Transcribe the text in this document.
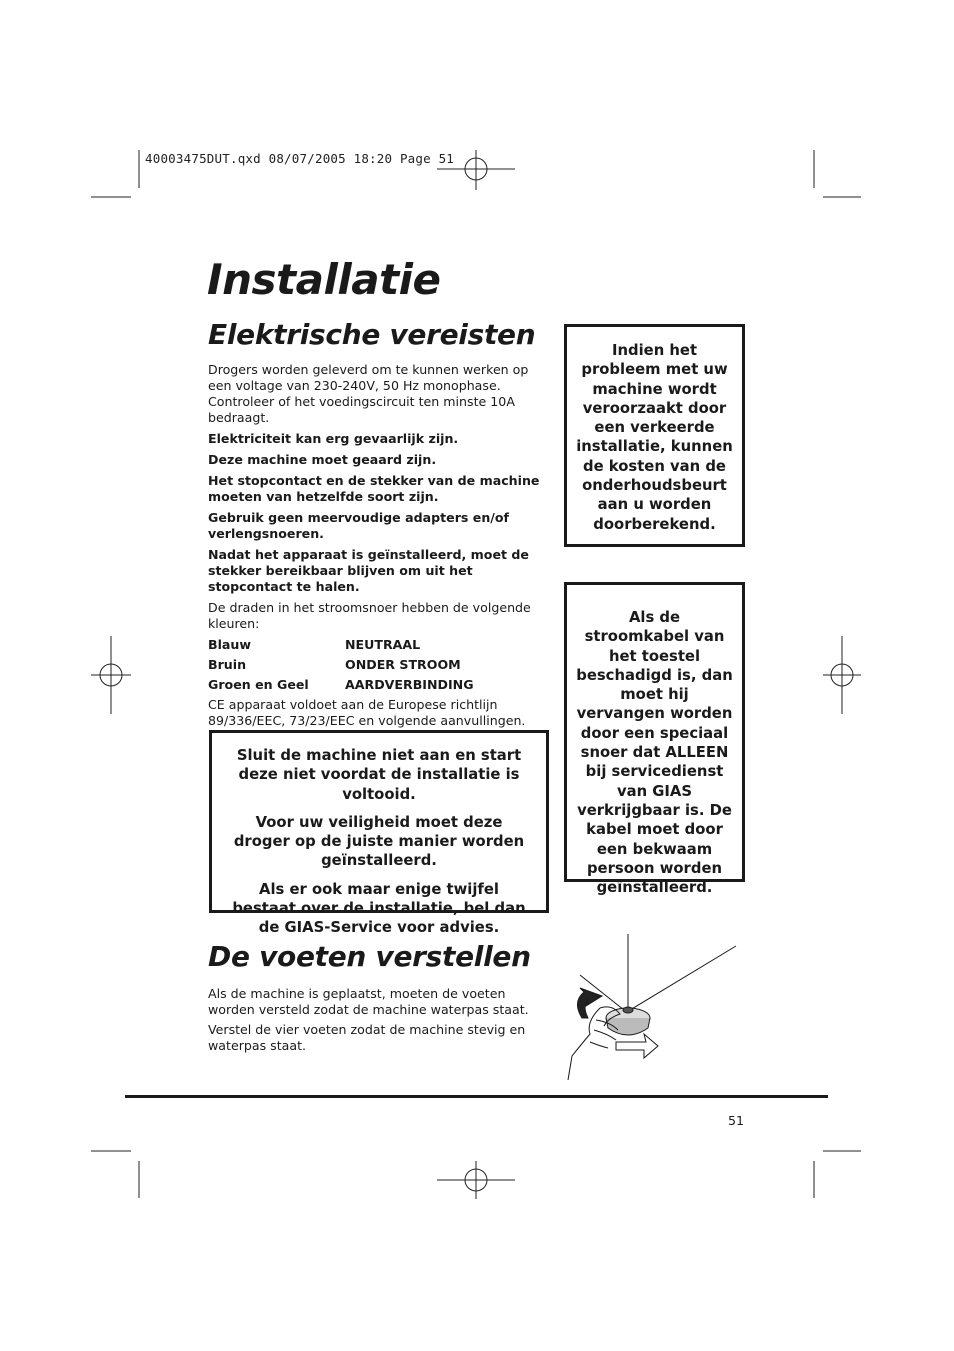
40003475DUT.qxd 08/07/2005 18:20 Page 51
Installatie
Elektrische vereisten

Drogers worden geleverd om te kunnen werken op een voltage van 230-240V, 50 Hz monophase. Controleer of het voedingscircuit ten minste 10A bedraagt.

Elektriciteit kan erg gevaarlijk zijn.

Deze machine moet geaard zijn.

Het stopcontact en de stekker van de machine moeten van hetzelfde soort zijn.

Gebruik geen meervoudige adapters en/of verlengsnoeren.

Nadat het apparaat is geïnstalleerd, moet de stekker bereikbaar blijven om uit het stopcontact te halen.

De draden in het stroomsnoer hebben de volgende kleuren:

Blauw	NEUTRAAL
Bruin	ONDER STROOM
Groen en Geel	AARDVERBINDING

CE apparaat voldoet aan de Europese richtlijn 89/336/EEC, 73/23/EEC en volgende aanvullingen.

Indien het probleem met uw machine wordt veroorzaakt door een verkeerde installatie, kunnen de kosten van de onderhoudsbeurt aan u worden doorberekend.

Als de stroomkabel van het toestel beschadigd is, dan moet hij vervangen worden door een speciaal snoer dat ALLEEN bij servicedienst van GIAS verkrijgbaar is. De kabel moet door een bekwaam persoon worden geïnstalleerd.

Sluit de machine niet aan en start deze niet voordat de installatie is voltooid.

Voor uw veiligheid moet deze droger op de juiste manier worden geïnstalleerd.

Als er ook maar enige twijfel bestaat over de installatie, bel dan de GIAS-Service voor advies.

De voeten verstellen

Als de machine is geplaatst, moeten de voeten worden versteld zodat de machine waterpas staat.

Verstel de vier voeten zodat de machine stevig en waterpas staat.

51
